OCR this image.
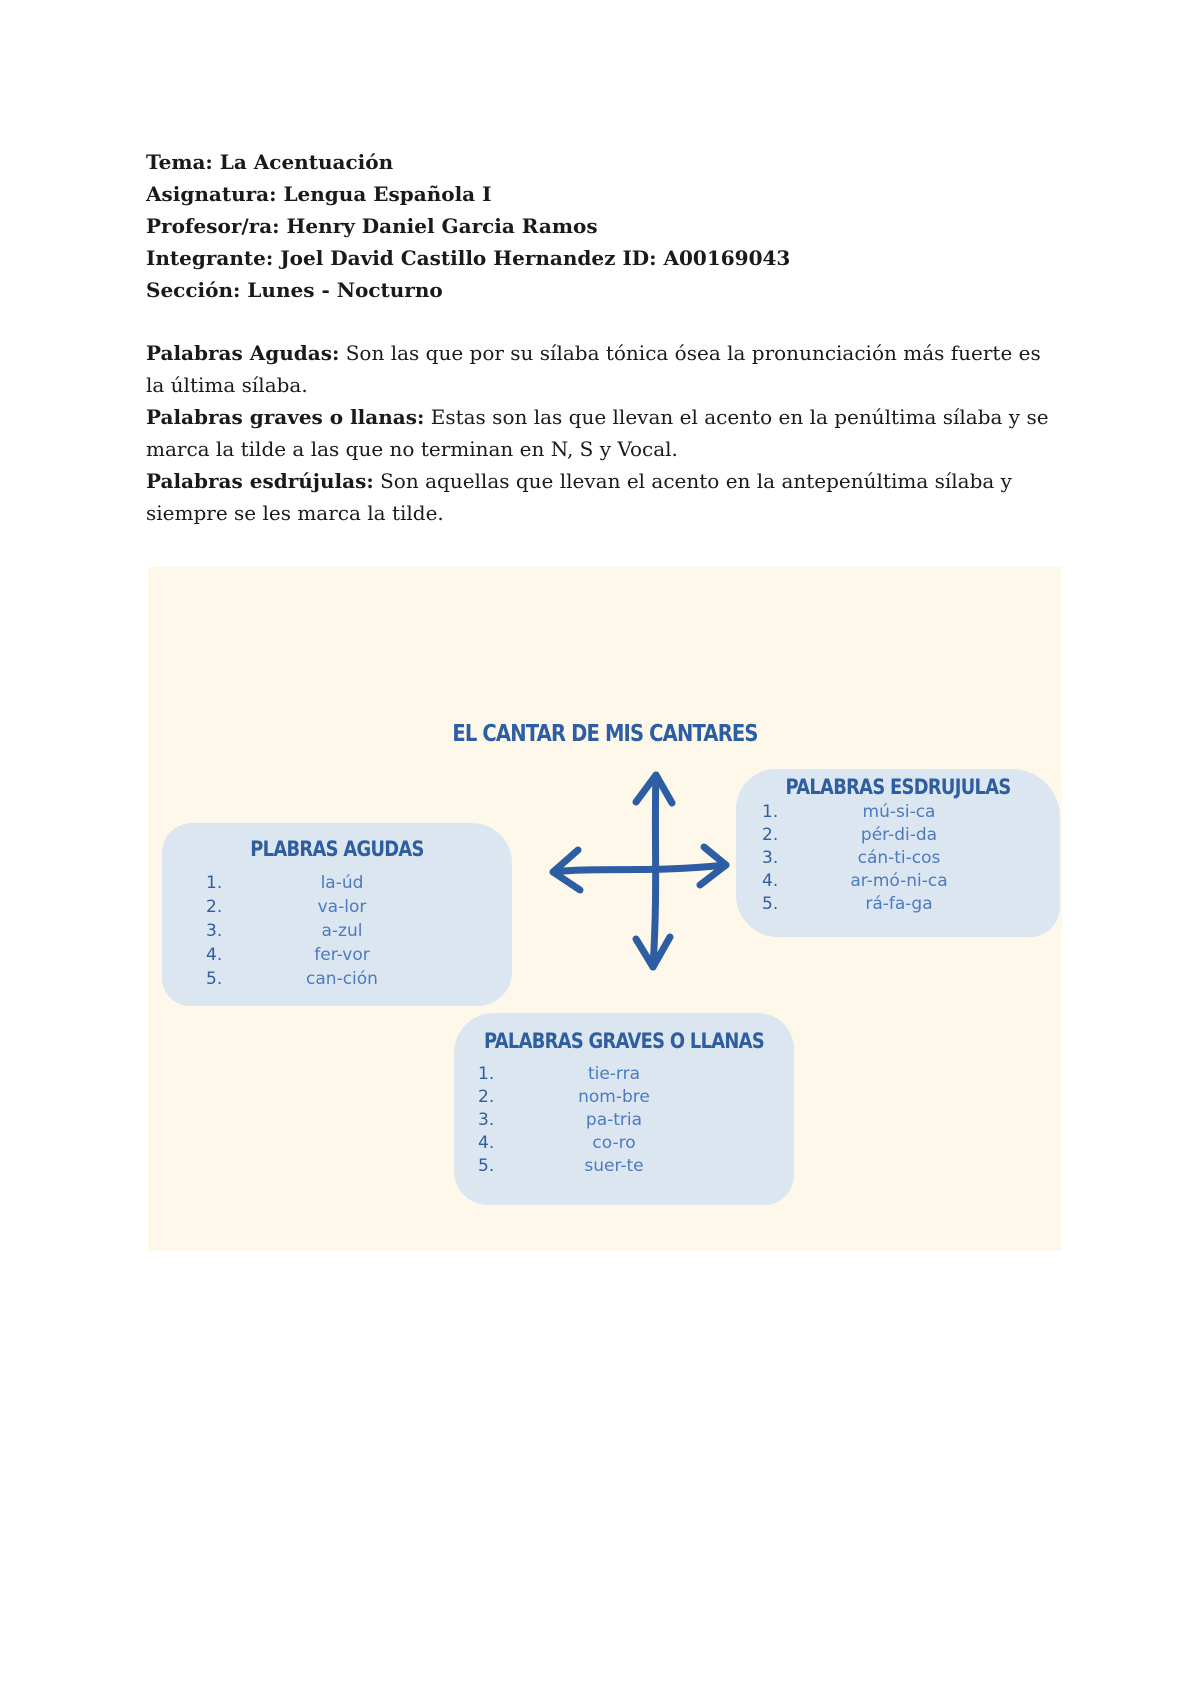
Tema: La Acentuación
Asignatura: Lengua Española I
Profesor/ra: Henry Daniel Garcia Ramos
Integrante: Joel David Castillo Hernandez ID: A00169043
Sección: Lunes - Nocturno
Palabras Agudas: Son las que por su sílaba tónica ósea la pronunciación más fuerte es la última sílaba.
Palabras graves o llanas: Estas son las que llevan el acento en la penúltima sílaba y se marca la tilde a las que no terminan en N, S y Vocal.
Palabras esdrújulas: Son aquellas que llevan el acento en la antepenúltima sílaba y siempre se les marca la tilde.
EL CANTAR DE MIS CANTARES
PLABRAS AGUDAS
1.	la-úd
2.	va-lor
3.	a-zul
4.	fer-vor
5.	can-ción
PALABRAS ESDRUJULAS
1.	mú-si-ca
2.	pér-di-da
3.	cán-ti-cos
4.	ar-mó-ni-ca
5.	rá-fa-ga
PALABRAS GRAVES O LLANAS
1.	tie-rra
2.	nom-bre
3.	pa-tria
4.	co-ro
5.	suer-te
